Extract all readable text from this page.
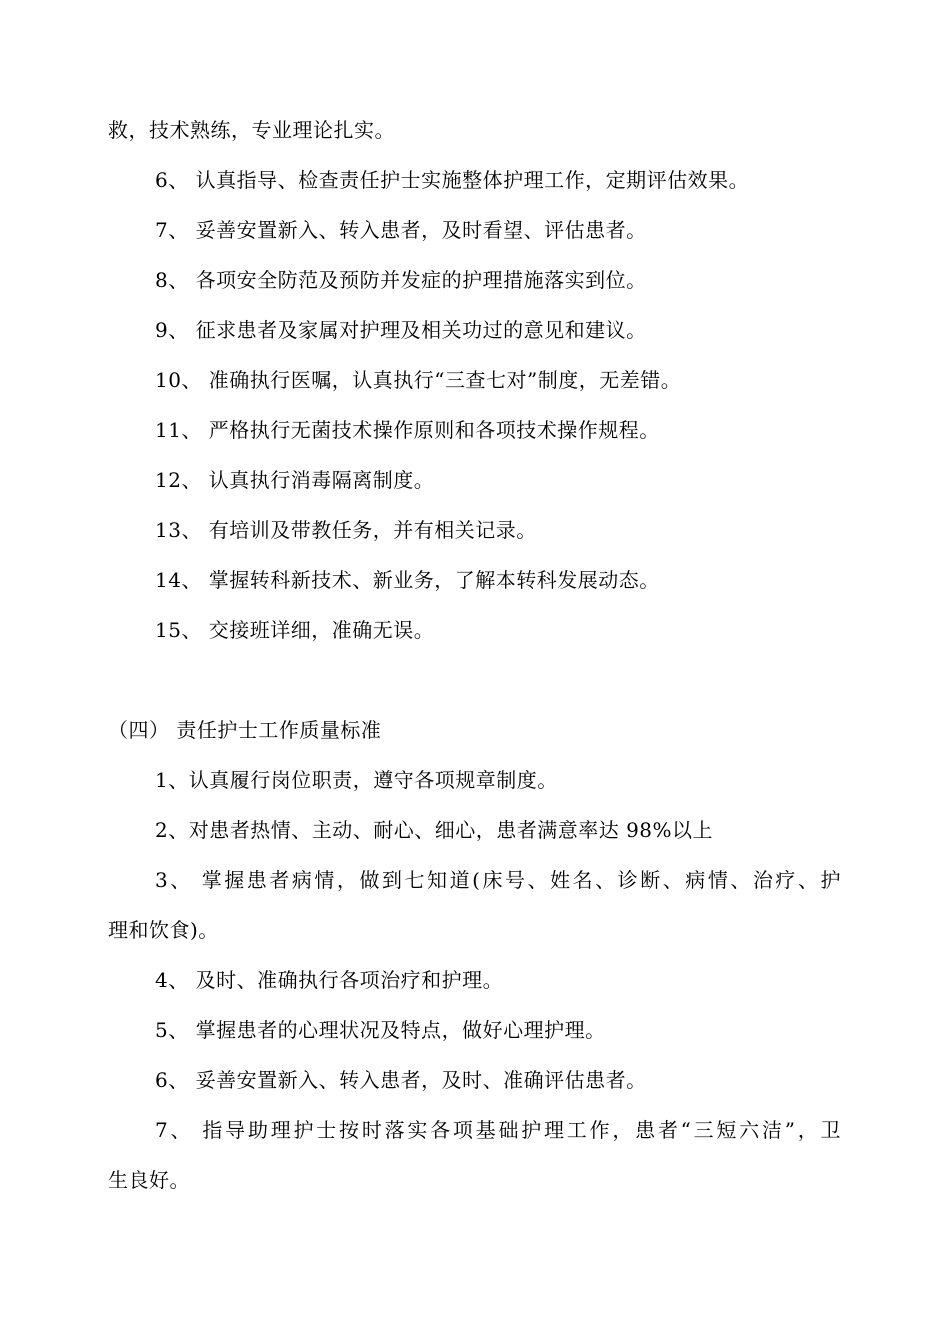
救，技术熟练，专业理论扎实。
6、 认真指导、检查责任护士实施整体护理工作，定期评估效果。
7、 妥善安置新入、转入患者，及时看望、评估患者。
8、 各项安全防范及预防并发症的护理措施落实到位。
9、 征求患者及家属对护理及相关功过的意见和建议。
10、 准确执行医嘱，认真执行“三查七对”制度，无差错。
11、 严格执行无菌技术操作原则和各项技术操作规程。
12、 认真执行消毒隔离制度。
13、 有培训及带教任务，并有相关记录。
14、 掌握转科新技术、新业务，了解本转科发展动态。
15、 交接班详细，准确无误。
（四） 责任护士工作质量标准
1、认真履行岗位职责，遵守各项规章制度。
2、对患者热情、主动、耐心、细心，患者满意率达 98%以上
3、 掌握患者病情，做到七知道(床号、姓名、诊断、病情、治疗、护
理和饮食)。
4、 及时、准确执行各项治疗和护理。
5、 掌握患者的心理状况及特点，做好心理护理。
6、 妥善安置新入、转入患者，及时、准确评估患者。
7、 指导助理护士按时落实各项基础护理工作，患者“三短六洁”，卫
生良好。
